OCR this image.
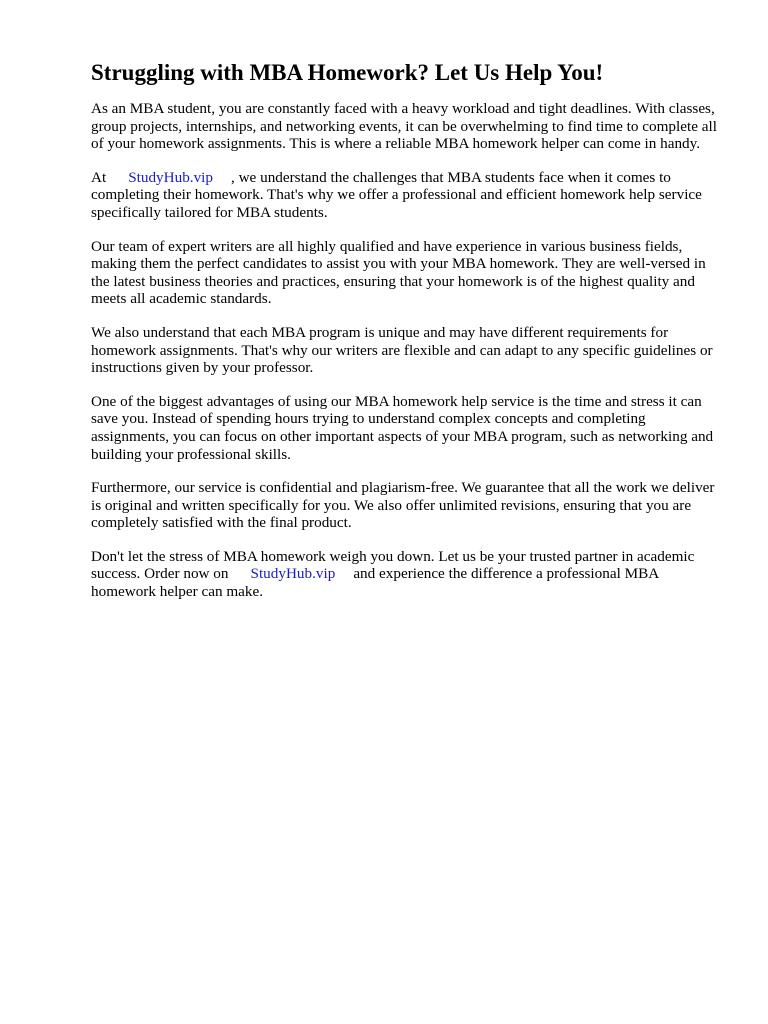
Struggling with MBA Homework? Let Us Help You!

As an MBA student, you are constantly faced with a heavy workload and tight deadlines. With classes, group projects, internships, and networking events, it can be overwhelming to find time to complete all of your homework assignments. This is where a reliable MBA homework helper can come in handy.

At StudyHub.vip , we understand the challenges that MBA students face when it comes to completing their homework. That's why we offer a professional and efficient homework help service specifically tailored for MBA students.

Our team of expert writers are all highly qualified and have experience in various business fields, making them the perfect candidates to assist you with your MBA homework. They are well-versed in the latest business theories and practices, ensuring that your homework is of the highest quality and meets all academic standards.

We also understand that each MBA program is unique and may have different requirements for homework assignments. That's why our writers are flexible and can adapt to any specific guidelines or instructions given by your professor.

One of the biggest advantages of using our MBA homework help service is the time and stress it can save you. Instead of spending hours trying to understand complex concepts and completing assignments, you can focus on other important aspects of your MBA program, such as networking and building your professional skills.

Furthermore, our service is confidential and plagiarism-free. We guarantee that all the work we deliver is original and written specifically for you. We also offer unlimited revisions, ensuring that you are completely satisfied with the final product.

Don't let the stress of MBA homework weigh you down. Let us be your trusted partner in academic success. Order now on StudyHub.vip and experience the difference a professional MBA homework helper can make.
